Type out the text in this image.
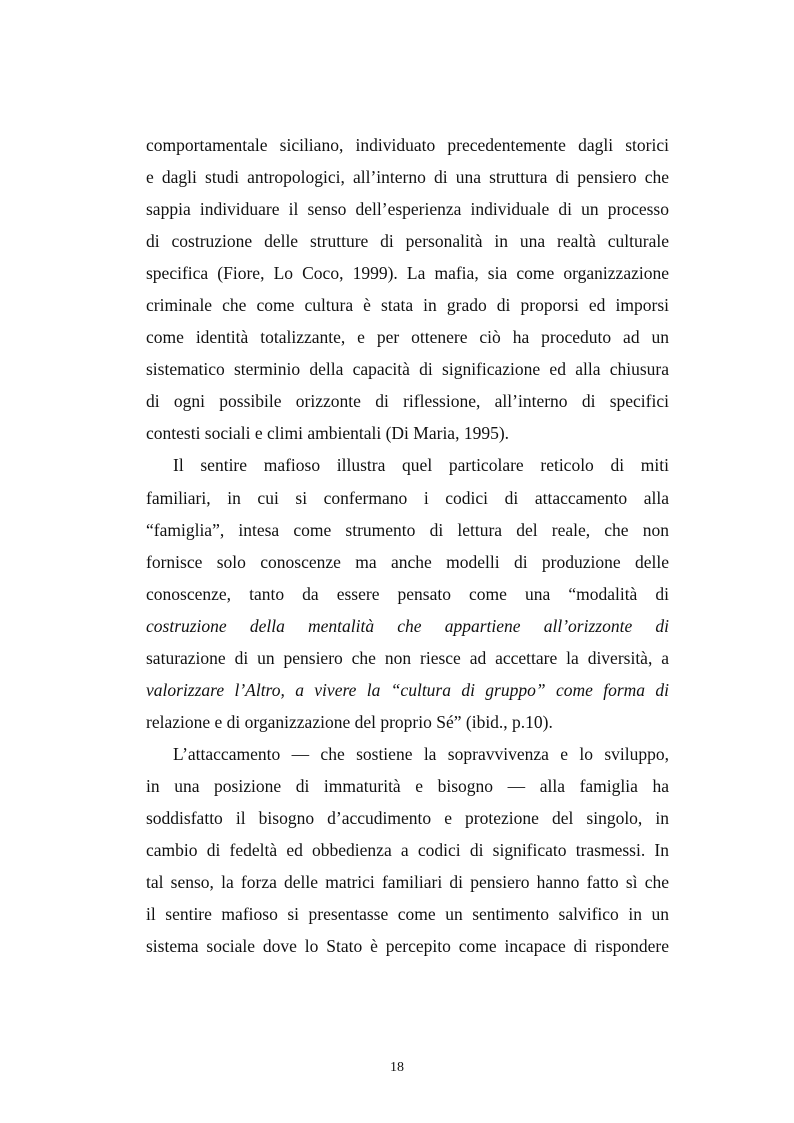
comportamentale siciliano, individuato precedentemente dagli storici
e dagli studi antropologici, all’interno di una struttura di pensiero che
sappia individuare il senso dell’esperienza individuale di un processo
di costruzione delle strutture di personalità in una realtà culturale
specifica (Fiore, Lo Coco, 1999). La mafia, sia come organizzazione
criminale che come cultura è stata in grado di proporsi ed imporsi
come identità totalizzante, e per ottenere ciò ha proceduto ad un
sistematico sterminio della capacità di significazione ed alla chiusura
di ogni possibile orizzonte di riflessione, all’interno di specifici
contesti sociali e climi ambientali (Di Maria, 1995).
Il sentire mafioso illustra quel particolare reticolo di miti
familiari, in cui si confermano i codici di attaccamento alla
“famiglia”, intesa come strumento di lettura del reale, che non
fornisce solo conoscenze ma anche modelli di produzione delle
conoscenze, tanto da essere pensato come una “modalità di
costruzione della mentalità che appartiene all’orizzonte di
saturazione di un pensiero che non riesce ad accettare la diversità, a
valorizzare l’Altro, a vivere la “cultura di gruppo” come forma di
relazione e di organizzazione del proprio Sé” (ibid., p.10).
L’attaccamento — che sostiene la sopravvivenza e lo sviluppo,
in una posizione di immaturità e bisogno — alla famiglia ha
soddisfatto il bisogno d’accudimento e protezione del singolo, in
cambio di fedeltà ed obbedienza a codici di significato trasmessi. In
tal senso, la forza delle matrici familiari di pensiero hanno fatto sì che
il sentire mafioso si presentasse come un sentimento salvifico in un
sistema sociale dove lo Stato è percepito come incapace di rispondere
18
